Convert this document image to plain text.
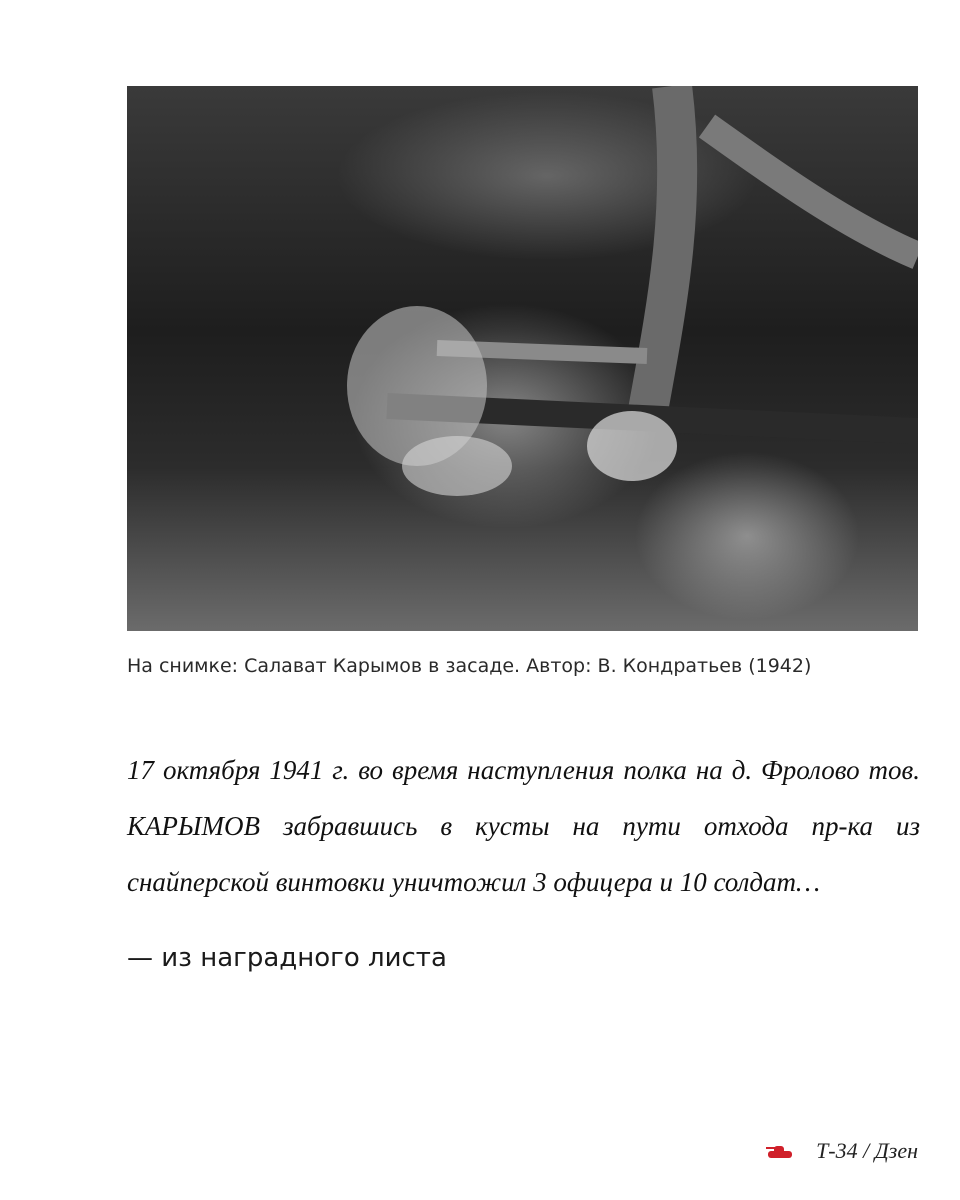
На снимке: Салават Карымов в засаде. Автор: В. Кондратьев (1942)

17 октября 1941 г. во время наступления полка на д. Фролово тов. КАРЫМОВ забравшись в кусты на пути отхода пр-ка из снайперской винтовки уничтожил 3 офицера и 10 солдат…

— из наградного листа
Т-34 / Дзен
